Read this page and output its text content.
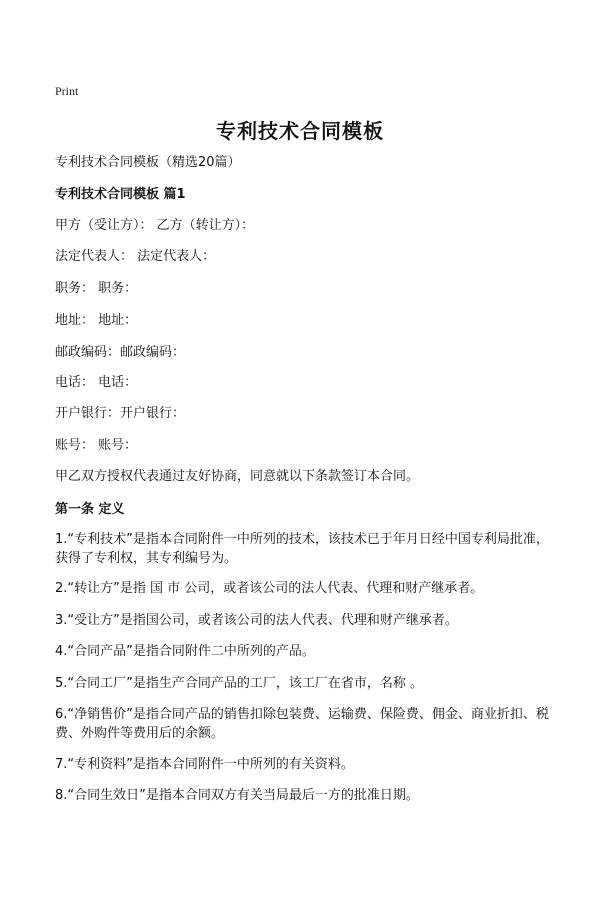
Print
专利技术合同模板
专利技术合同模板（精选20篇）
专利技术合同模板 篇1
甲方（受让方）： 乙方（转让方）：
法定代表人： 法定代表人：
职务： 职务：
地址： 地址：
邮政编码：邮政编码：
电话： 电话：
开户银行：开户银行：
账号： 账号：
甲乙双方授权代表通过友好协商，同意就以下条款签订本合同。
第一条 定义
1.“专利技术”是指本合同附件一中所列的技术，该技术已于年月日经中国专利局批准，获得了专利权，其专利编号为。
2.“转让方”是指 国 市 公司，或者该公司的法人代表、代理和财产继承者。
3.“受让方”是指国公司，或者该公司的法人代表、代理和财产继承者。
4.“合同产品”是指合同附件二中所列的产品。
5.“合同工厂”是指生产合同产品的工厂，该工厂在省市，名称 。
6.“净销售价”是指合同产品的销售扣除包装费、运输费、保险费、佣金、商业折扣、税费、外购件等费用后的余额。
7.“专利资料”是指本合同附件一中所列的有关资料。
8.“合同生效日”是指本合同双方有关当局最后一方的批准日期。
